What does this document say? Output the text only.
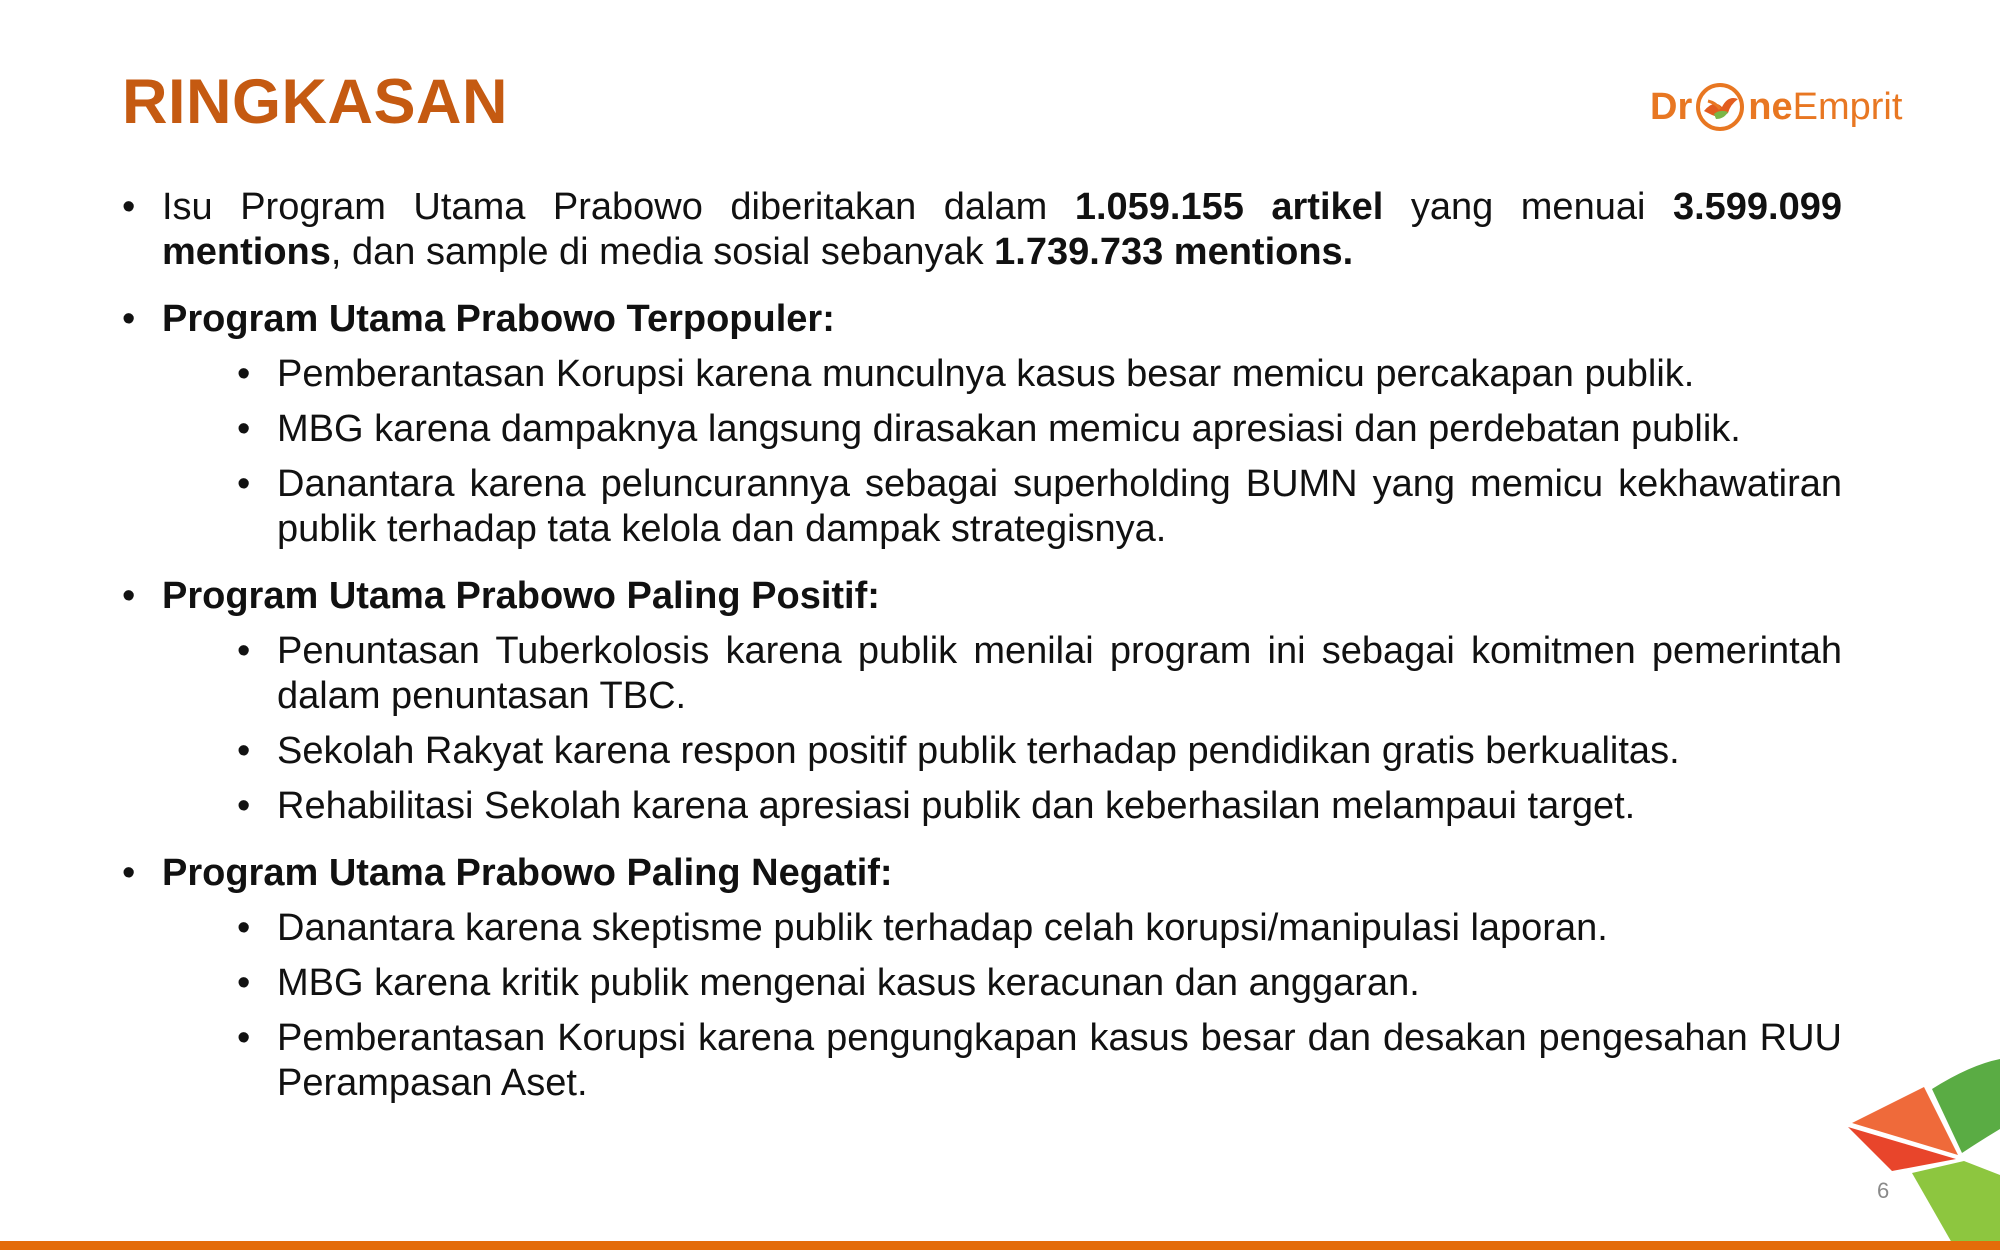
RINGKASAN	Dr ne Emprit
• Isu Program Utama Prabowo diberitakan dalam 1.059.155 artikel yang menuai 3.599.099 mentions, dan sample di media sosial sebanyak 1.739.733 mentions.
• Program Utama Prabowo Terpopuler:
• Pemberantasan Korupsi karena munculnya kasus besar memicu percakapan publik.
• MBG karena dampaknya langsung dirasakan memicu apresiasi dan perdebatan publik.
• Danantara karena peluncurannya sebagai superholding BUMN yang memicu kekhawatiran publik terhadap tata kelola dan dampak strategisnya.
• Program Utama Prabowo Paling Positif:
• Penuntasan Tuberkolosis karena publik menilai program ini sebagai komitmen pemerintah dalam penuntasan TBC.
• Sekolah Rakyat karena respon positif publik terhadap pendidikan gratis berkualitas.
• Rehabilitasi Sekolah karena apresiasi publik dan keberhasilan melampaui target.
• Program Utama Prabowo Paling Negatif:
• Danantara karena skeptisme publik terhadap celah korupsi/manipulasi laporan.
• MBG karena kritik publik mengenai kasus keracunan dan anggaran.
• Pemberantasan Korupsi karena pengungkapan kasus besar dan desakan pengesahan RUU Perampasan Aset.
6
